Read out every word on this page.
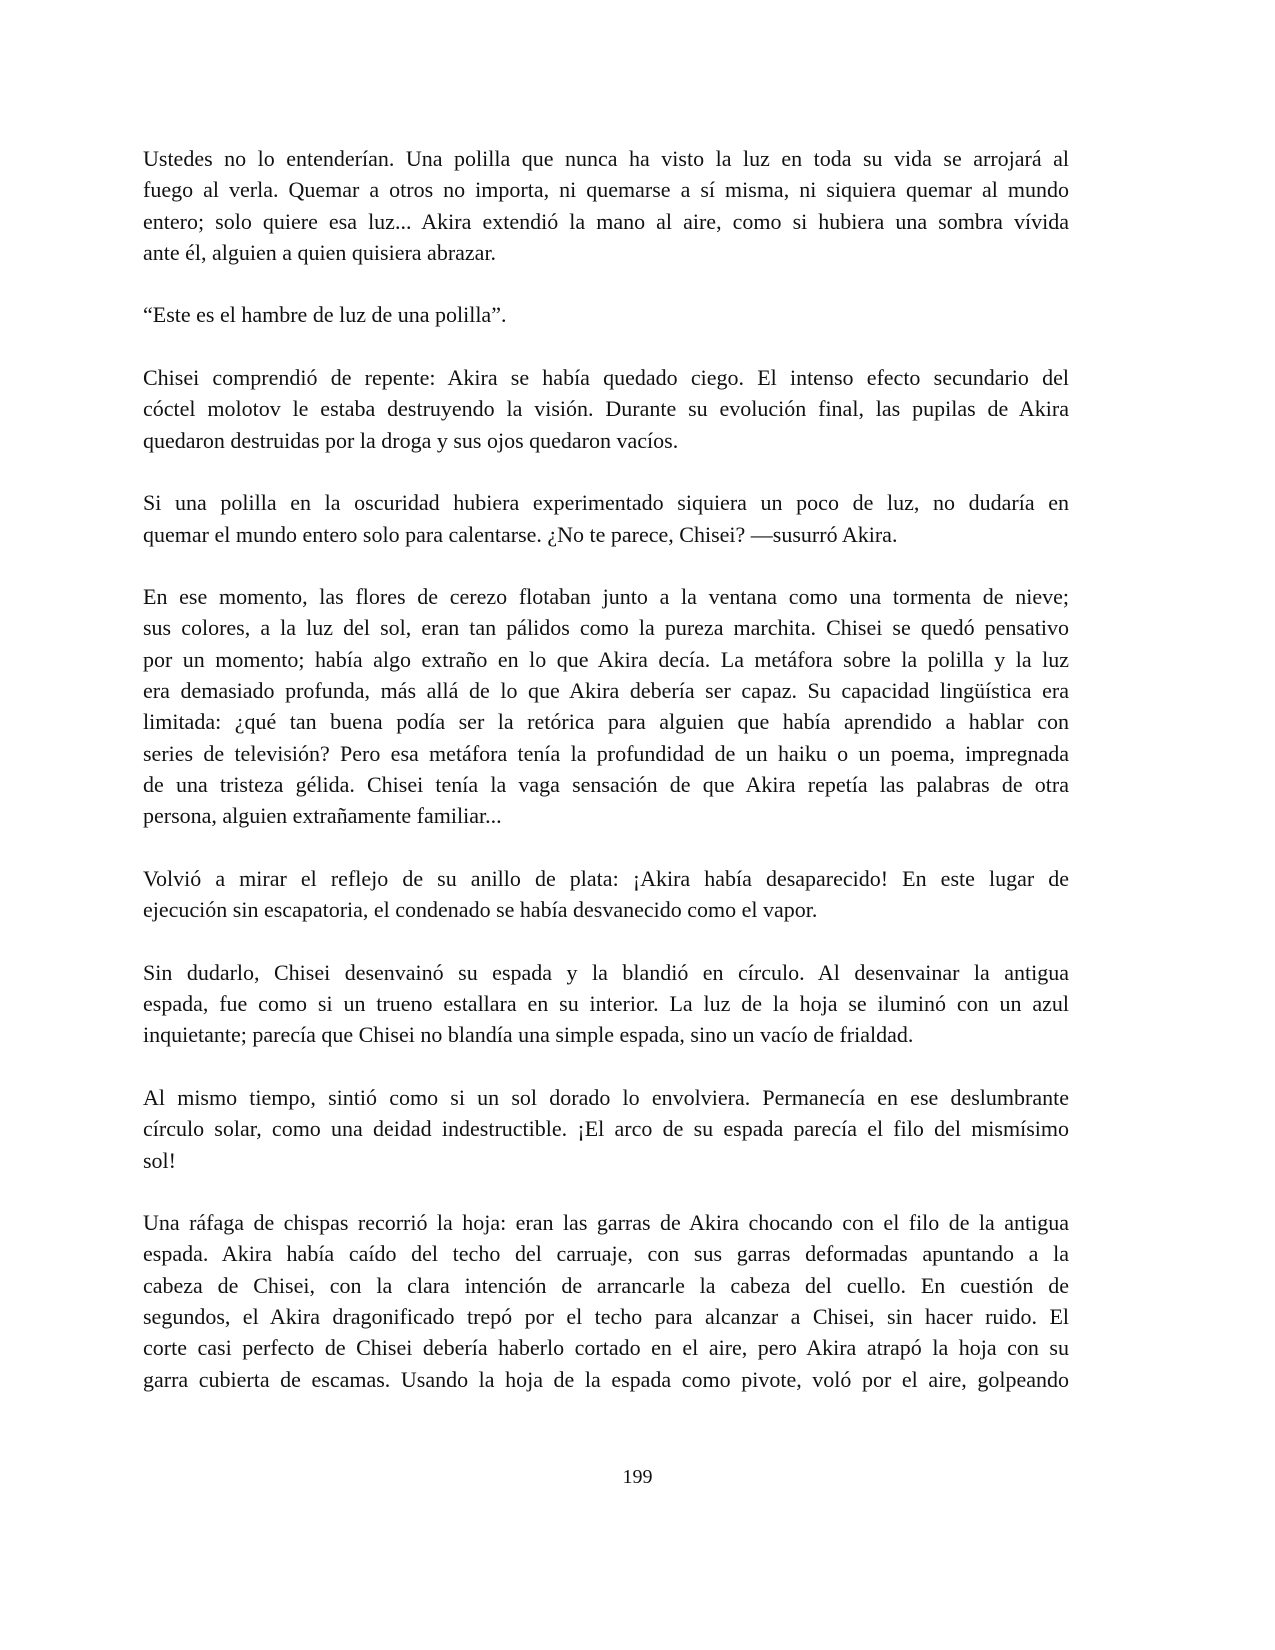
Ustedes no lo entenderían. Una polilla que nunca ha visto la luz en toda su vida se arrojará al
fuego al verla. Quemar a otros no importa, ni quemarse a sí misma, ni siquiera quemar al mundo
entero; solo quiere esa luz... Akira extendió la mano al aire, como si hubiera una sombra vívida
ante él, alguien a quien quisiera abrazar.
“Este es el hambre de luz de una polilla”.
Chisei comprendió de repente: Akira se había quedado ciego. El intenso efecto secundario del
cóctel molotov le estaba destruyendo la visión. Durante su evolución final, las pupilas de Akira
quedaron destruidas por la droga y sus ojos quedaron vacíos.
Si una polilla en la oscuridad hubiera experimentado siquiera un poco de luz, no dudaría en
quemar el mundo entero solo para calentarse. ¿No te parece, Chisei? —susurró Akira.
En ese momento, las flores de cerezo flotaban junto a la ventana como una tormenta de nieve;
sus colores, a la luz del sol, eran tan pálidos como la pureza marchita. Chisei se quedó pensativo
por un momento; había algo extraño en lo que Akira decía. La metáfora sobre la polilla y la luz
era demasiado profunda, más allá de lo que Akira debería ser capaz. Su capacidad lingüística era
limitada: ¿qué tan buena podía ser la retórica para alguien que había aprendido a hablar con
series de televisión? Pero esa metáfora tenía la profundidad de un haiku o un poema, impregnada
de una tristeza gélida. Chisei tenía la vaga sensación de que Akira repetía las palabras de otra
persona, alguien extrañamente familiar...
Volvió a mirar el reflejo de su anillo de plata: ¡Akira había desaparecido! En este lugar de
ejecución sin escapatoria, el condenado se había desvanecido como el vapor.
Sin dudarlo, Chisei desenvainó su espada y la blandió en círculo. Al desenvainar la antigua
espada, fue como si un trueno estallara en su interior. La luz de la hoja se iluminó con un azul
inquietante; parecía que Chisei no blandía una simple espada, sino un vacío de frialdad.
Al mismo tiempo, sintió como si un sol dorado lo envolviera. Permanecía en ese deslumbrante
círculo solar, como una deidad indestructible. ¡El arco de su espada parecía el filo del mismísimo
sol!
Una ráfaga de chispas recorrió la hoja: eran las garras de Akira chocando con el filo de la antigua
espada. Akira había caído del techo del carruaje, con sus garras deformadas apuntando a la
cabeza de Chisei, con la clara intención de arrancarle la cabeza del cuello. En cuestión de
segundos, el Akira dragonificado trepó por el techo para alcanzar a Chisei, sin hacer ruido. El
corte casi perfecto de Chisei debería haberlo cortado en el aire, pero Akira atrapó la hoja con su
garra cubierta de escamas. Usando la hoja de la espada como pivote, voló por el aire, golpeando
199
